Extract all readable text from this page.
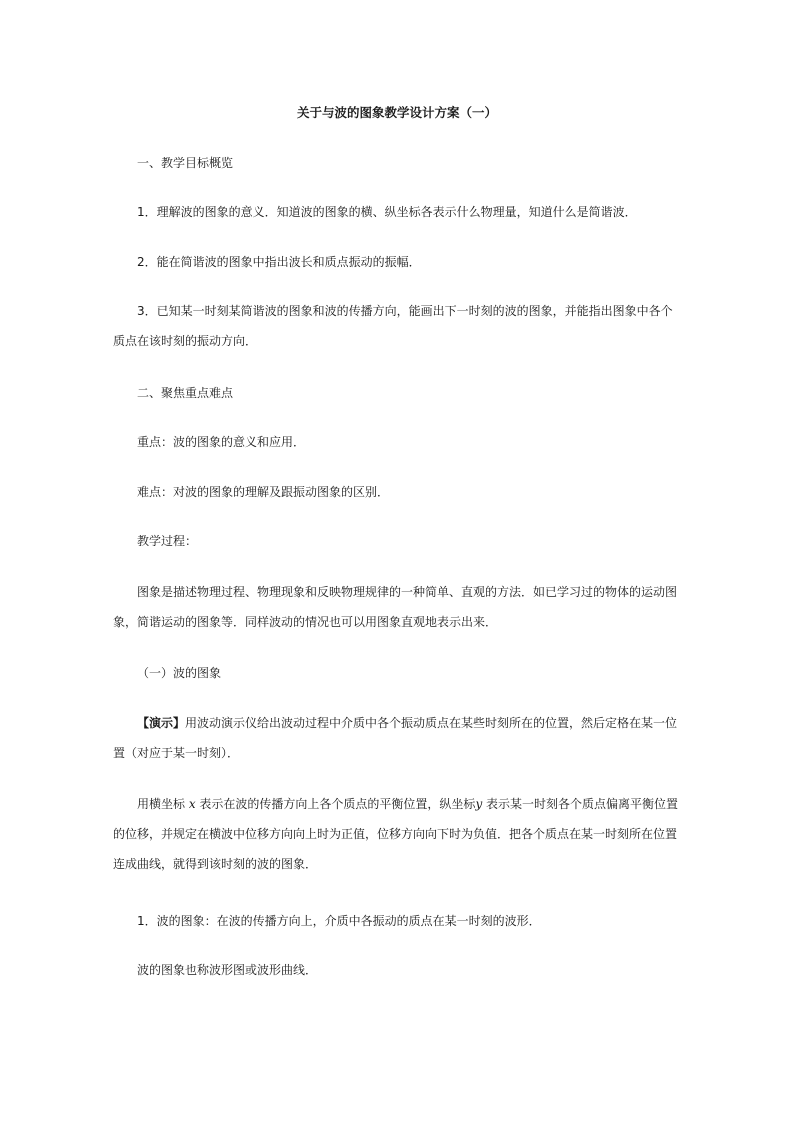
关于与波的图象教学设计方案（一）

一、教学目标概览

1．理解波的图象的意义．知道波的图象的横、纵坐标各表示什么物理量，知道什么是简谐波．

2．能在简谐波的图象中指出波长和质点振动的振幅．

3．已知某一时刻某简谐波的图象和波的传播方向，能画出下一时刻的波的图象，并能指出图象中各个质点在该时刻的振动方向．

二、聚焦重点难点

重点：波的图象的意义和应用．

难点：对波的图象的理解及跟振动图象的区别．

教学过程：

图象是描述物理过程、物理现象和反映物理规律的一种简单、直观的方法．如已学习过的物体的运动图象，简谐运动的图象等．同样波动的情况也可以用图象直观地表示出来．

（一）波的图象

【演示】用波动演示仪给出波动过程中介质中各个振动质点在某些时刻所在的位置，然后定格在某一位置（对应于某一时刻）．

用横坐标 x 表示在波的传播方向上各个质点的平衡位置，纵坐标y 表示某一时刻各个质点偏离平衡位置的位移，并规定在横波中位移方向向上时为正值，位移方向向下时为负值．把各个质点在某一时刻所在位置连成曲线，就得到该时刻的波的图象．

1．波的图象：在波的传播方向上，介质中各振动的质点在某一时刻的波形．

波的图象也称波形图或波形曲线．
